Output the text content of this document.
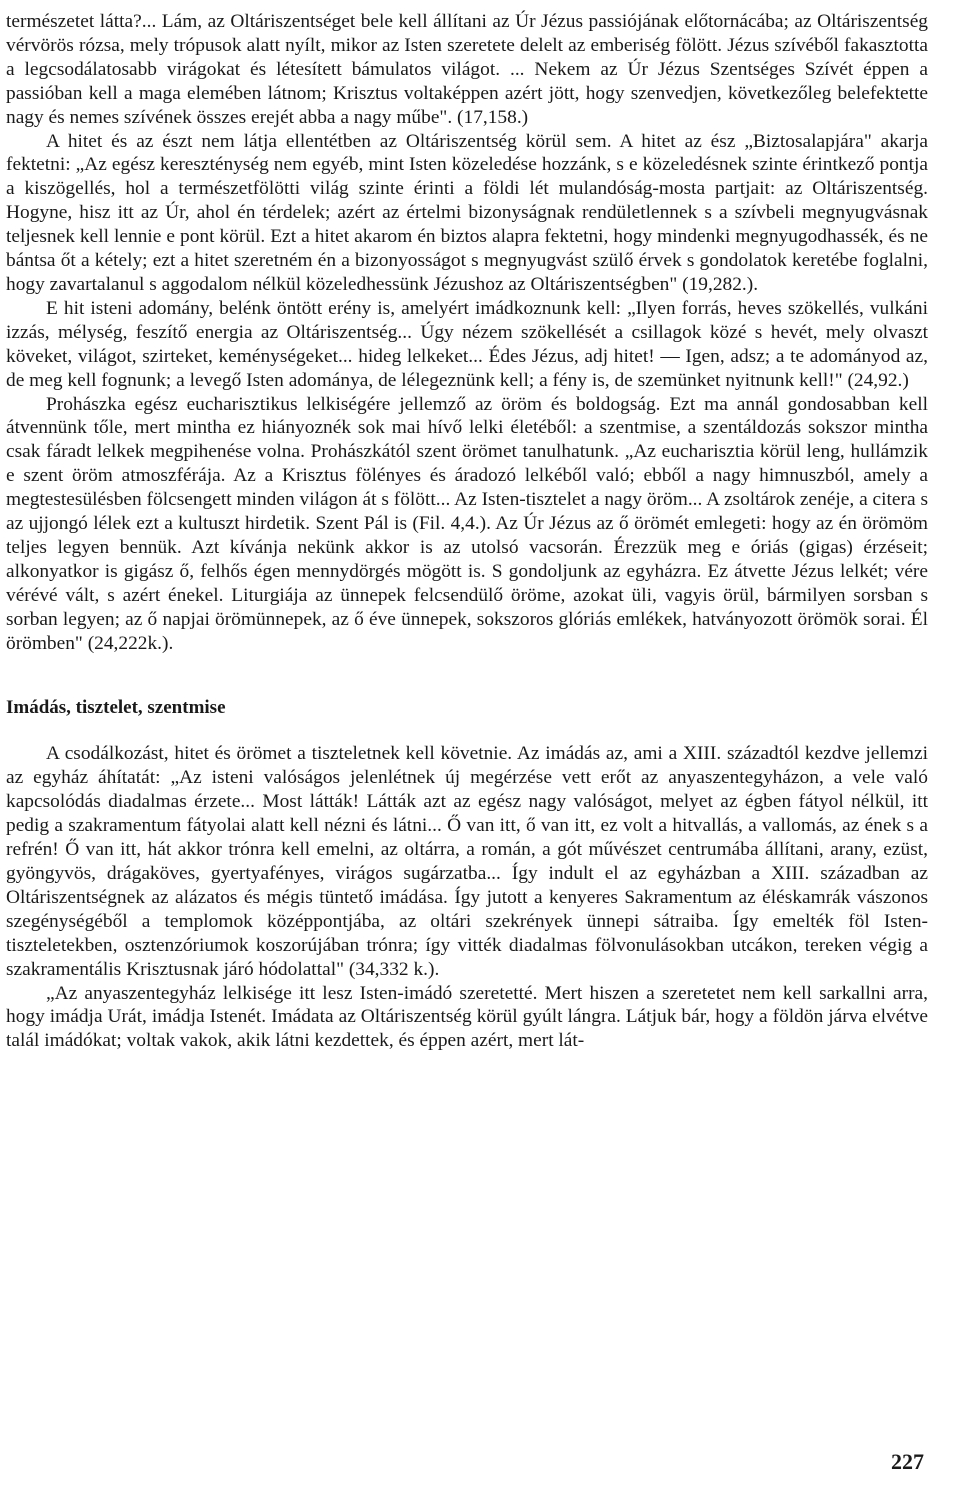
természetet látta?... Lám, az Oltáriszentséget bele kell állítani az Úr Jézus passiójának előtornácába; az Oltáriszentség vérvörös rózsa, mely trópusok alatt nyílt, mikor az Isten szeretete delelt az emberiség fölött. Jézus szívéből fakasztotta a legcsodálatosabb virágokat és létesített bámulatos világot. ... Nekem az Úr Jézus Szentséges Szívét éppen a passióban kell a maga elemében látnom; Krisztus voltaképpen azért jött, hogy szenvedjen, következőleg belefektette nagy és nemes szívének összes erejét abba a nagy műbe". (17,158.)

A hitet és az észt nem látja ellentétben az Oltáriszentség körül sem. A hitet az ész „Biztosalapjára" akarja fektetni: „Az egész kereszténység nem egyéb, mint Isten közeledése hozzánk, s e közeledésnek szinte érintkező pontja a kiszögellés, hol a természetfölötti világ szinte érinti a földi lét mulandóság-mosta partjait: az Oltáriszentség. Hogyne, hisz itt az Úr, ahol én térdelek; azért az értelmi bizonyságnak rendületlennek s a szívbeli megnyugvásnak teljesnek kell lennie e pont körül. Ezt a hitet akarom én biztos alapra fektetni, hogy mindenki megnyugodhassék, és ne bántsa őt a kétely; ezt a hitet szeretném én a bizonyosságot s megnyugvást szülő érvek s gondolatok keretébe foglalni, hogy zavartalanul s aggodalom nélkül közeledhessünk Jézushoz az Oltáriszentségben" (19,282.).

E hit isteni adomány, belénk öntött erény is, amelyért imádkoznunk kell: „Ilyen forrás, heves szökellés, vulkáni izzás, mélység, feszítő energia az Oltáriszentség... Úgy nézem szökellését a csillagok közé s hevét, mely olvaszt köveket, világot, szirteket, keménységeket... hideg lelkeket... Édes Jézus, adj hitet! — Igen, adsz; a te adományod az, de meg kell fognunk; a levegő Isten adománya, de lélegeznünk kell; a fény is, de szemünket nyitnunk kell!" (24,92.)

Prohászka egész eucharisztikus lelkiségére jellemző az öröm és boldogság. Ezt ma annál gondosabban kell átvennünk tőle, mert mintha ez hiányoznék sok mai hívő lelki életéből: a szentmise, a szentáldozás sokszor mintha csak fáradt lelkek megpihenése volna. Prohászkától szent örömet tanulhatunk. „Az eucharisztia körül leng, hullámzik e szent öröm atmoszférája. Az a Krisztus fölényes és áradozó lelkéből való; ebből a nagy himnuszból, amely a megtestesülésben fölcsengett minden világon át s fölött... Az Isten-tisztelet a nagy öröm... A zsoltárok zenéje, a citera s az ujjongó lélek ezt a kultuszt hirdetik. Szent Pál is (Fil. 4,4.). Az Úr Jézus az ő örömét emlegeti: hogy az én örömöm teljes legyen bennük. Azt kívánja nekünk akkor is az utolsó vacsorán. Érezzük meg e óriás (gigas) érzéseit; alkonyatkor is gigász ő, felhős égen mennydörgés mögött is. S gondoljunk az egyházra. Ez átvette Jézus lelkét; vére vérévé vált, s azért énekel. Liturgiája az ünnepek felcsendülő öröme, azokat üli, vagyis örül, bármilyen sorsban s sorban legyen; az ő napjai örömünnepek, az ő éve ünnepek, sokszoros glóriás emlékek, hatványozott örömök sorai. Él örömben" (24,222k.).

Imádás, tisztelet, szentmise

A csodálkozást, hitet és örömet a tiszteletnek kell követnie. Az imádás az, ami a XIII. századtól kezdve jellemzi az egyház áhítatát: „Az isteni valóságos jelenlétnek új megérzése vett erőt az anyaszentegyházon, a vele való kapcsolódás diadalmas érzete... Most látták! Látták azt az egész nagy valóságot, melyet az égben fátyol nélkül, itt pedig a szakramentum fátyolai alatt kell nézni és látni... Ő van itt, ő van itt, ez volt a hitvallás, a vallomás, az ének s a refrén! Ő van itt, hát akkor trónra kell emelni, az oltárra, a román, a gót művészet centrumába állítani, arany, ezüst, gyöngyvös, drágaköves, gyertyafényes, virágos sugárzatba... Így indult el az egyházban a XIII. században az Oltáriszentségnek az alázatos és mégis tüntető imádása. Így jutott a kenyeres Sakramentum az éléskamrák vászonos szegénységéből a templomok középpontjába, az oltári szekrények ünnepi sátraiba. Így emelték föl Isten-tiszteletekben, osztenzóriumok koszorújában trónra; így vitték diadalmas fölvonulásokban utcákon, tereken végig a szakramentális Krisztusnak járó hódolattal" (34,332 k.).

„Az anyaszentegyház lelkisége itt lesz Isten-imádó szeretetté. Mert hiszen a szeretetet nem kell sarkallni arra, hogy imádja Urát, imádja Istenét. Imádata az Oltáriszentség körül gyúlt lángra. Látjuk bár, hogy a földön járva elvétve talál imádókat; voltak vakok, akik látni kezdettek, és éppen azért, mert lát-

227
